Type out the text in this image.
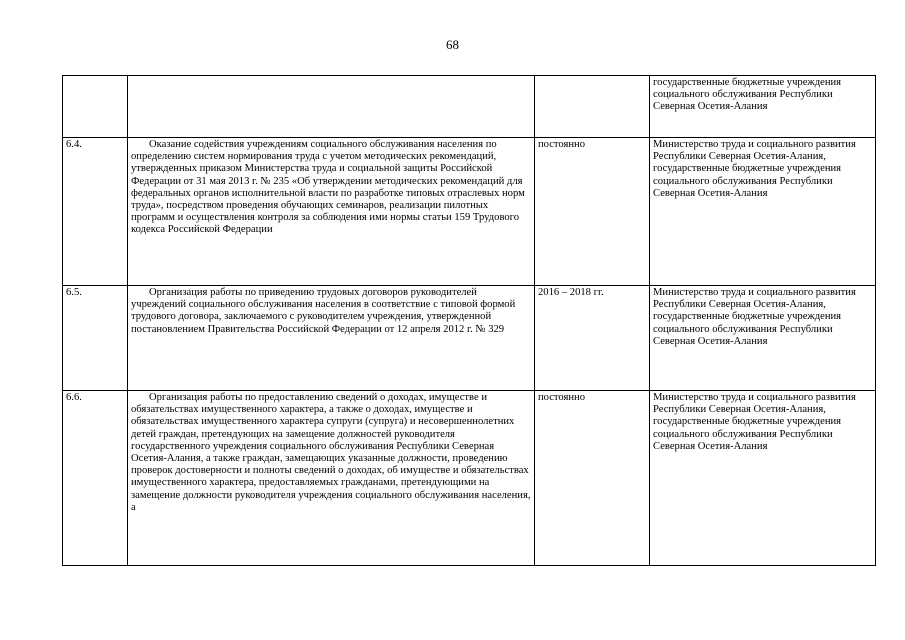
68
			государственные бюджетные учреждения социального обслуживания Республики Северная Осетия-Алания
6.4.	Оказание содействия учреждениям социального обслуживания населения по определению систем нормирования труда с учетом методических рекомендаций, утвержденных приказом Министерства труда и социальной защиты Российской Федерации от 31 мая 2013 г. № 235 «Об утверждении методических рекомендаций для федеральных органов исполнительной власти по разработке типовых отраслевых норм труда», посредством проведения обучающих семинаров, реализации пилотных программ и осуществления контроля за соблюдения ими нормы статьи 159 Трудового кодекса Российской Федерации	постоянно	Министерство труда и социального развития Республики Северная Осетия-Алания, государственные бюджетные учреждения социального обслуживания Республики Северная Осетия-Алания
6.5.	Организация работы по приведению трудовых договоров руководителей учреждений социального обслуживания населения в соответствие с типовой формой трудового договора, заключаемого с руководителем учреждения, утвержденной постановлением Правительства Российской Федерации от 12 апреля 2012 г. № 329	2016 – 2018 гг.	Министерство труда и социального развития Республики Северная Осетия-Алания, государственные бюджетные учреждения социального обслуживания Республики Северная Осетия-Алания
6.6.	Организация работы по предоставлению сведений о доходах, имуществе и обязательствах имущественного характера, а также о доходах, имуществе и обязательствах имущественного характера супруги (супруга) и несовершеннолетних детей граждан, претендующих на замещение должностей руководителя государственного учреждения социального обслуживания Республики Северная Осетия-Алания, а также граждан, замещающих указанные должности, проведению проверок достоверности и полноты сведений о доходах, об имуществе и обязательствах имущественного характера, предоставляемых гражданами, претендующими на замещение должности руководителя учреждения социального обслуживания населения, а	постоянно	Министерство труда и социального развития Республики Северная Осетия-Алания, государственные бюджетные учреждения социального обслуживания Республики Северная Осетия-Алания
